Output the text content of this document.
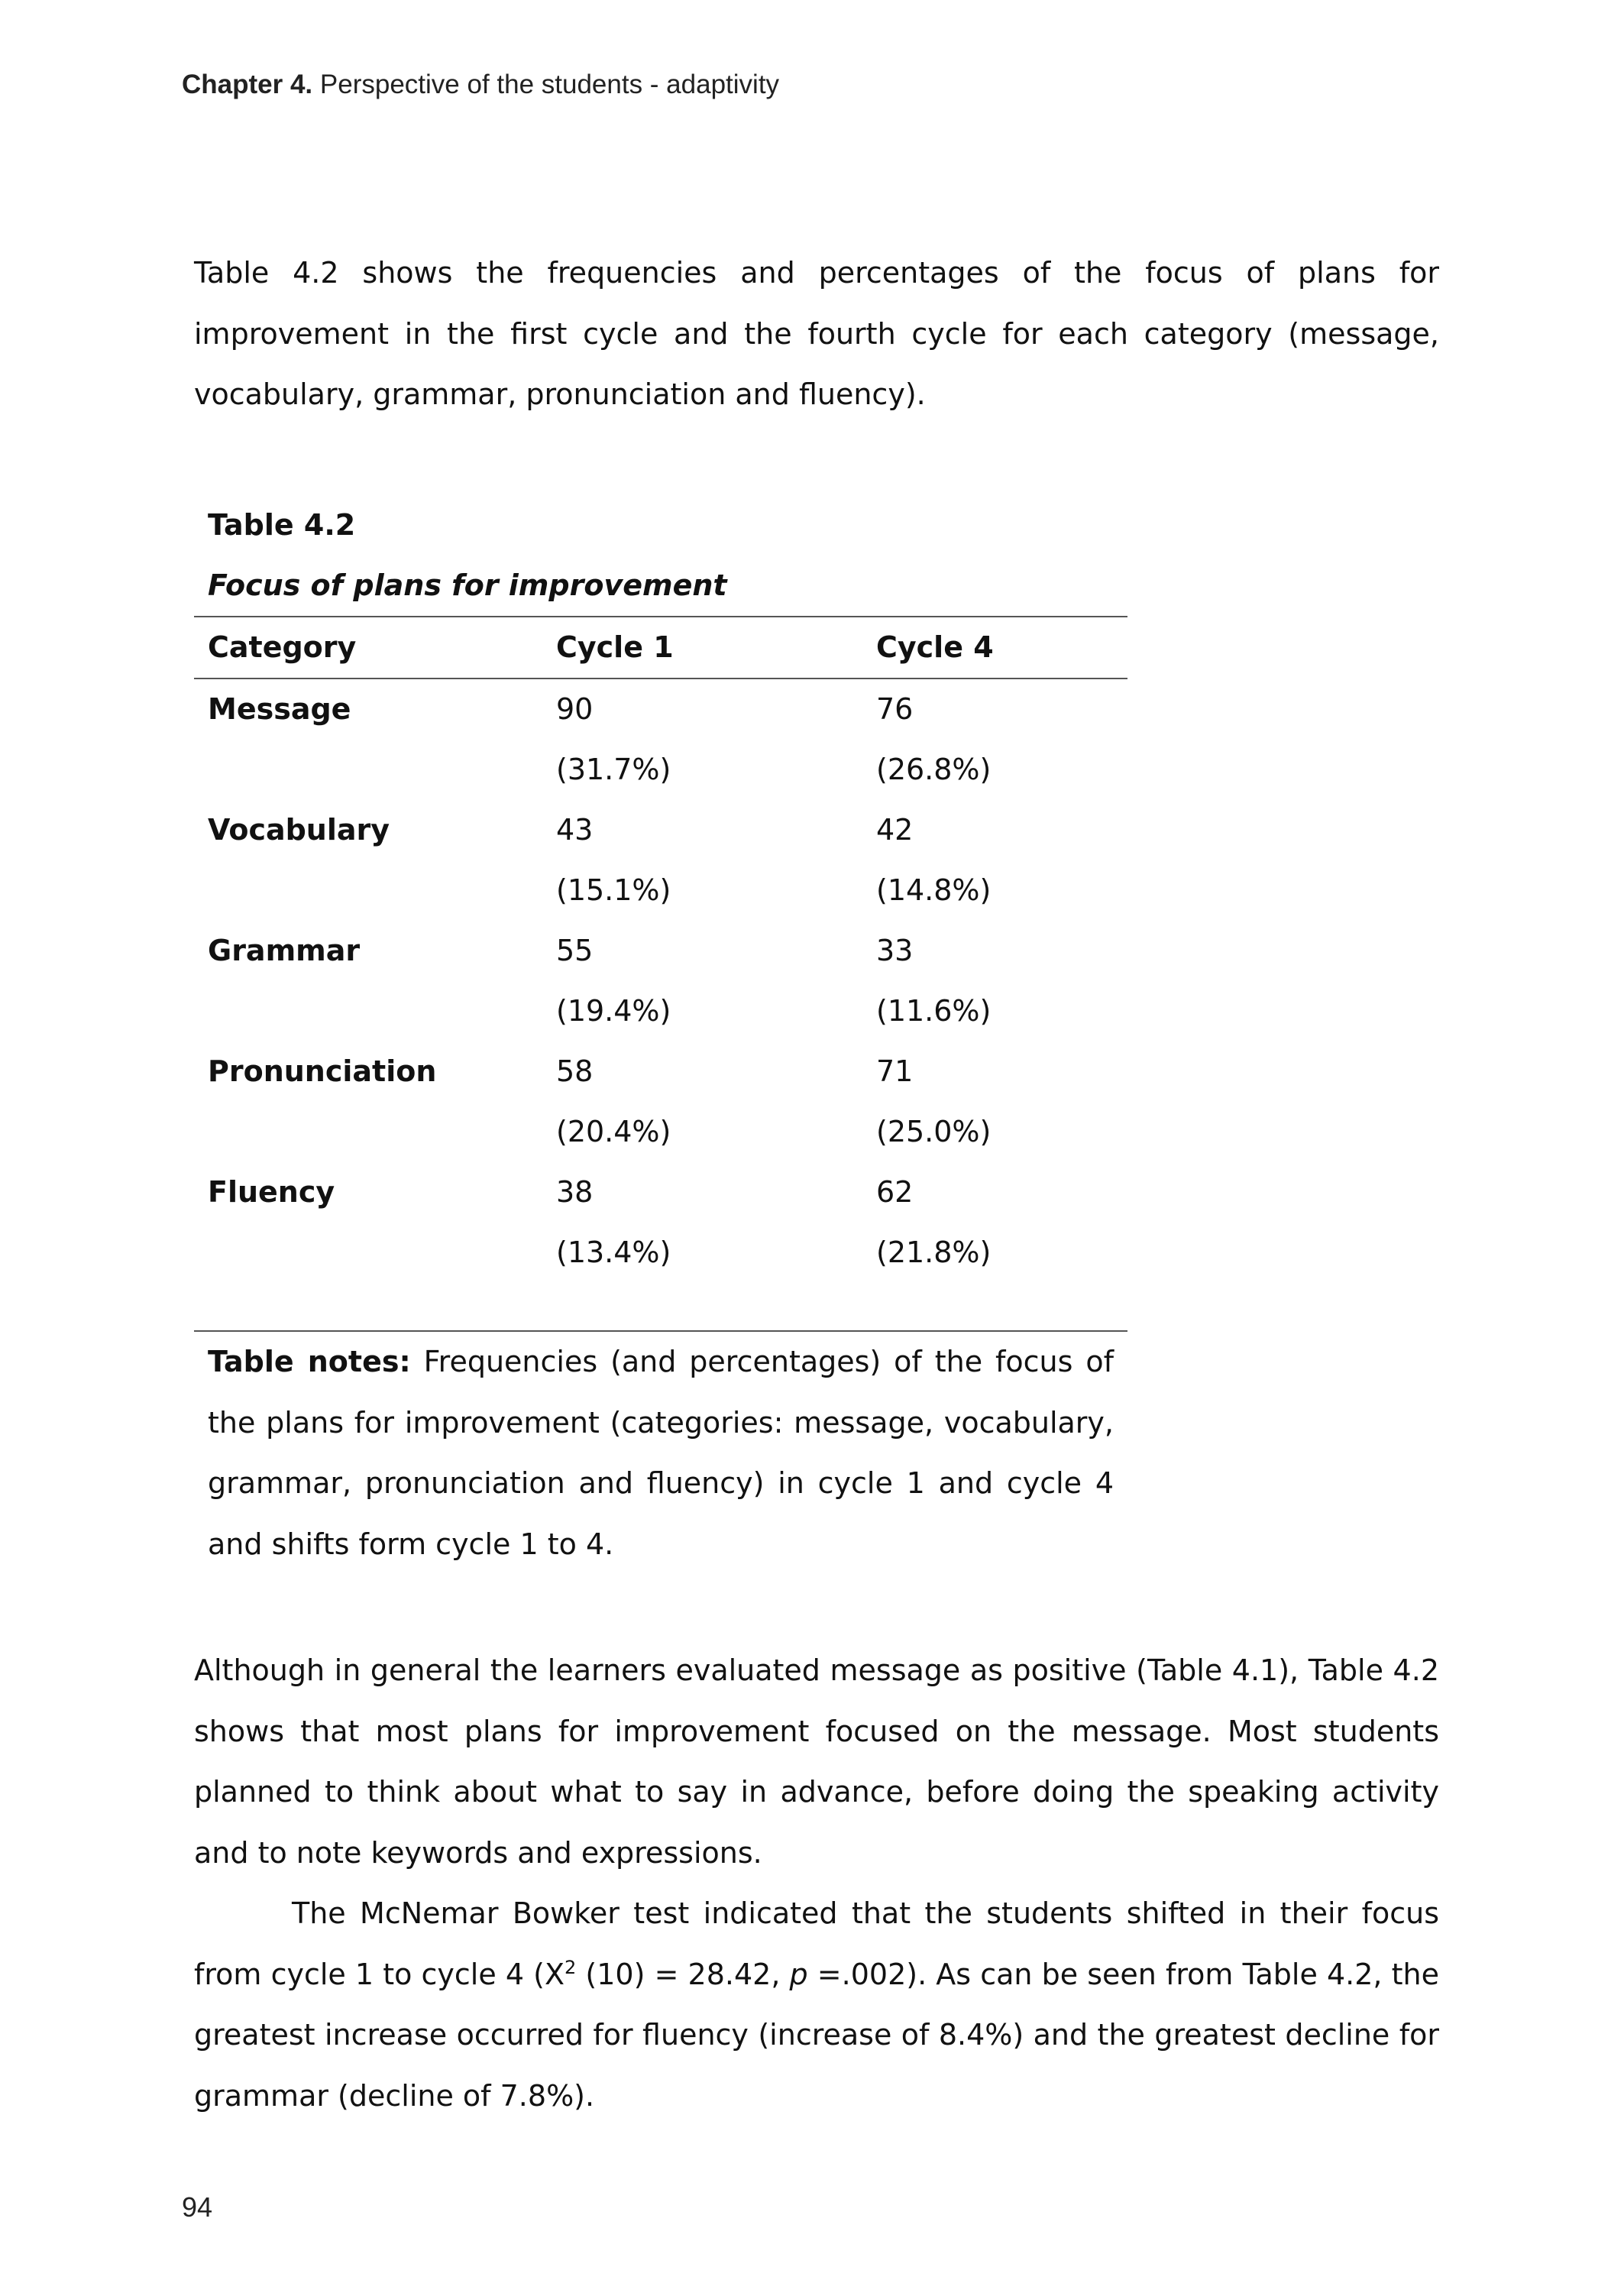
Chapter 4. Perspective of the students - adaptivity

Table 4.2 shows the frequencies and percentages of the focus of plans for improvement in the first cycle and the fourth cycle for each category (message, vocabulary, grammar, pronunciation and fluency).

Table 4.2
Focus of plans for improvement
Category	Cycle 1	Cycle 4
Message	90	76
	(31.7%)	(26.8%)
Vocabulary	43	42
	(15.1%)	(14.8%)
Grammar	55	33
	(19.4%)	(11.6%)
Pronunciation	58	71
	(20.4%)	(25.0%)
Fluency	38	62
	(13.4%)	(21.8%)

Table notes: Frequencies (and percentages) of the focus of the plans for improvement (categories: message, vocabulary, grammar, pronunciation and fluency) in cycle 1 and cycle 4 and shifts form cycle 1 to 4.

Although in general the learners evaluated message as positive (Table 4.1), Table 4.2 shows that most plans for improvement focused on the message. Most students planned to think about what to say in advance, before doing the speaking activity and to note keywords and expressions.

The McNemar Bowker test indicated that the students shifted in their focus from cycle 1 to cycle 4 ($X^2$ (10) = 28.42, p =.002). As can be seen from Table 4.2, the greatest increase occurred for fluency (increase of 8.4%) and the greatest decline for grammar (decline of 7.8%).

94
